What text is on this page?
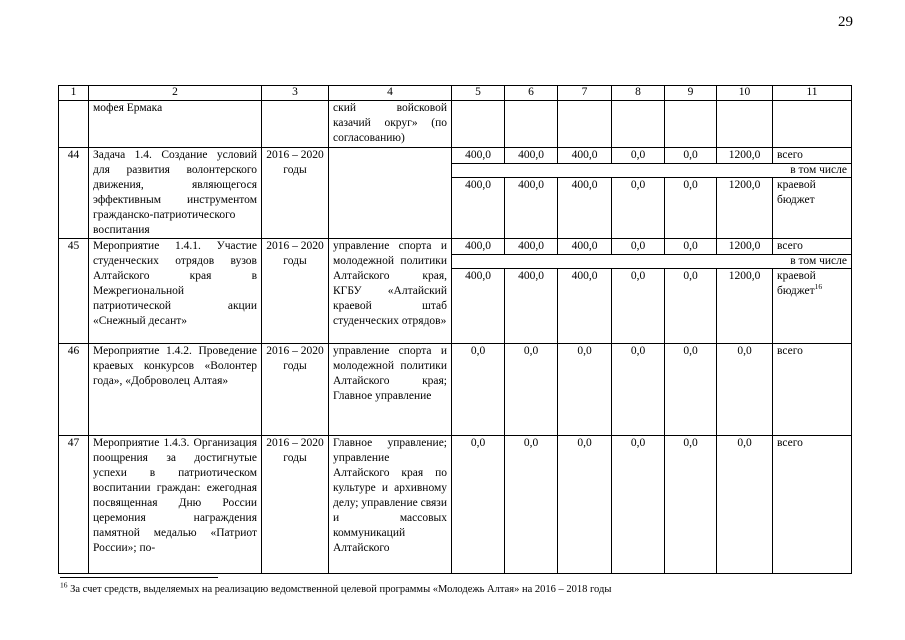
29
1	2	3	4	5	6	7	8	9	10	11
	мофея Ермака		ский войсковой казачий округ» (по согласованию)							
44	Задача 1.4. Создание условий для развития волонтерского движения, являющегося эффективным инструментом гражданско-патриотического воспитания	2016 – 2020 годы		400,0	400,0	400,0	0,0	0,0	1200,0	всего
				в том числе						
				400,0	400,0	400,0	0,0	0,0	1200,0	краевой бюджет
45	Мероприятие 1.4.1. Участие студенческих отрядов вузов Алтайского края в Межрегиональной патриотической акции «Снежный десант»	2016 – 2020 годы	управление спорта и молодежной политики Алтайского края, КГБУ «Алтайский краевой штаб студенческих отрядов»	400,0	400,0	400,0	0,0	0,0	1200,0	всего
				в том числе						
				400,0	400,0	400,0	0,0	0,0	1200,0	краевой бюджет$^{16}$
46	Мероприятие 1.4.2. Проведение краевых конкурсов «Волонтер года», «Доброволец Алтая»	2016 – 2020 годы	управление спорта и молодежной политики Алтайского края; Главное управление	0,0	0,0	0,0	0,0	0,0	0,0	всего
47	Мероприятие 1.4.3. Организация поощрения за достигнутые успехи в патриотическом воспитании граждан: ежегодная посвященная Дню России церемония награждения памятной медалью «Патриот России»; по-	2016 – 2020 годы	Главное управление; управление Алтайского края по культуре и архивному делу; управление связи и массовых коммуникаций Алтайского	0,0	0,0	0,0	0,0	0,0	0,0	всего
$^{16}$ За счет средств, выделяемых на реализацию ведомственной целевой программы «Молодежь Алтая» на 2016 – 2018 годы
